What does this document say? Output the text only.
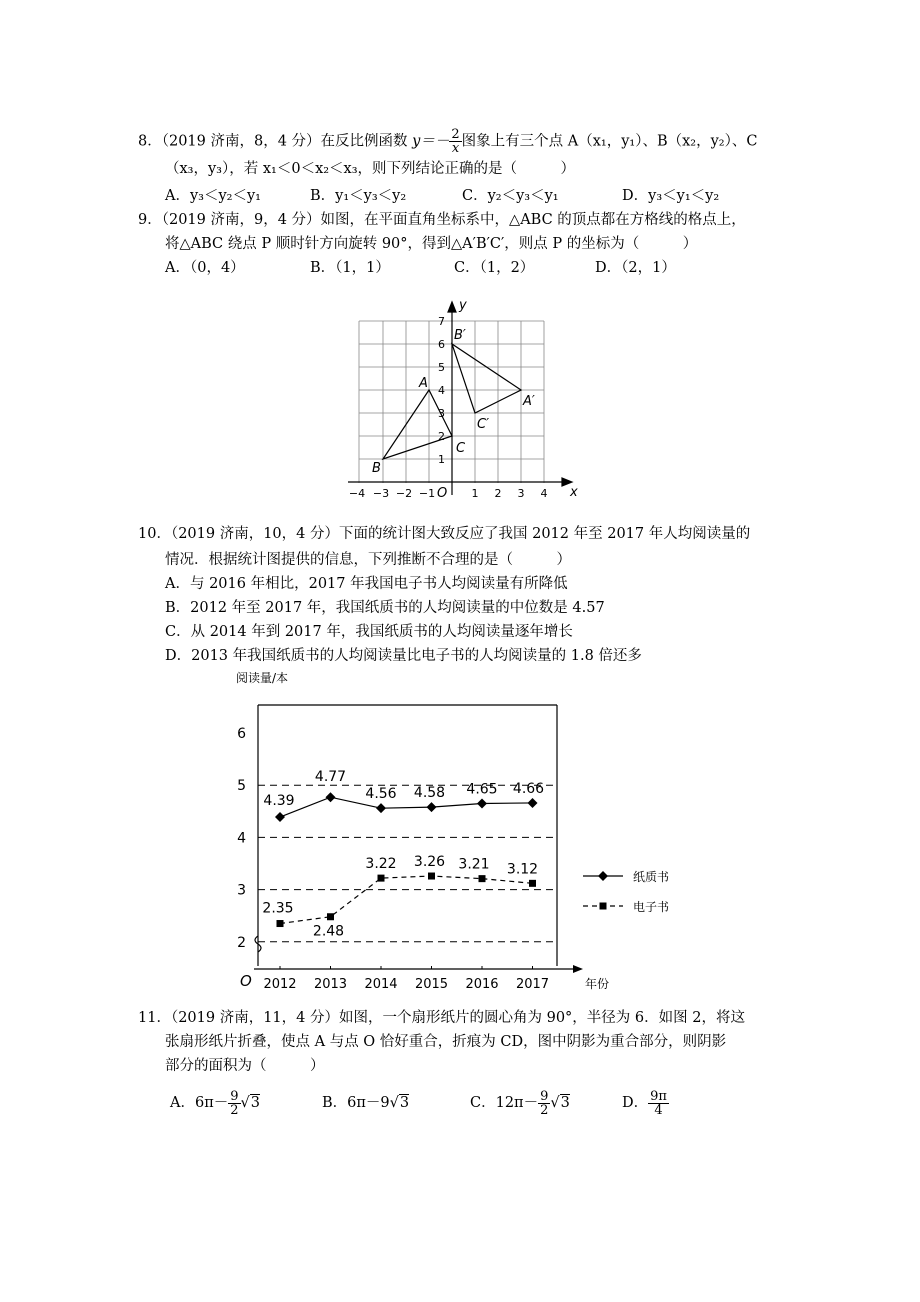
8．（2019 济南，8，4 分）在反比例函数 $y=- \frac{2}{x}$ 图象上有三个点 A（x₁，y₁）、B（x₂，y₂）、C
（x₃，y₃），若 x₁＜0＜x₂＜x₃，则下列结论正确的是（　　　）
A．y₃＜y₂＜y₁	B．y₁＜y₃＜y₂	C．y₂＜y₃＜y₁	D．y₃＜y₁＜y₂
9．（2019 济南，9，4 分）如图，在平面直角坐标系中，△ABC 的顶点都在方格线的格点上，
将△ABC 绕点 P 顺时针方向旋转 90°，得到△A′B′C′，则点 P 的坐标为（　　　）
A．（0，4）	B．（1，1）	C．（1，2）	D．（2，1）
−4 −3 −2 −1	1 2 3 4
1
2
3
4
5
6
7
x
y
O
A
B
C
A′
B′
C′
10．（2019 济南，10，4 分）下面的统计图大致反应了我国 2012 年至 2017 年人均阅读量的
情况．根据统计图提供的信息，下列推断不合理的是（　　　）
A．与 2016 年相比，2017 年我国电子书人均阅读量有所降低
B．2012 年至 2017 年，我国纸质书的人均阅读量的中位数是 4.57
C．从 2014 年到 2017 年，我国纸质书的人均阅读量逐年增长
D．2013 年我国纸质书的人均阅读量比电子书的人均阅读量的 1.8 倍还多
2
3
4
5
6
阅读量/本
年份
O 2012 2013 2014 2015 2016 2017
4.39
4.77
4.56 4.58 4.65 4.66
2.35
2.48
3.22 3.26 3.21 3.12	纸质书
电子书
11．（2019 济南，11，4 分）如图，一个扇形纸片的圆心角为 90°，半径为 6．如图 2，将这
张扇形纸片折叠，使点 A 与点 O 恰好重合，折痕为 CD，图中阴影为重合部分，则阴影
部分的面积为（　　　）
A．$6\pi- \frac{9}{2} √3$	B．6π－9√3	C．$12\pi- \frac{9}{2} √3$	D． $\frac{9\pi}{4}$
